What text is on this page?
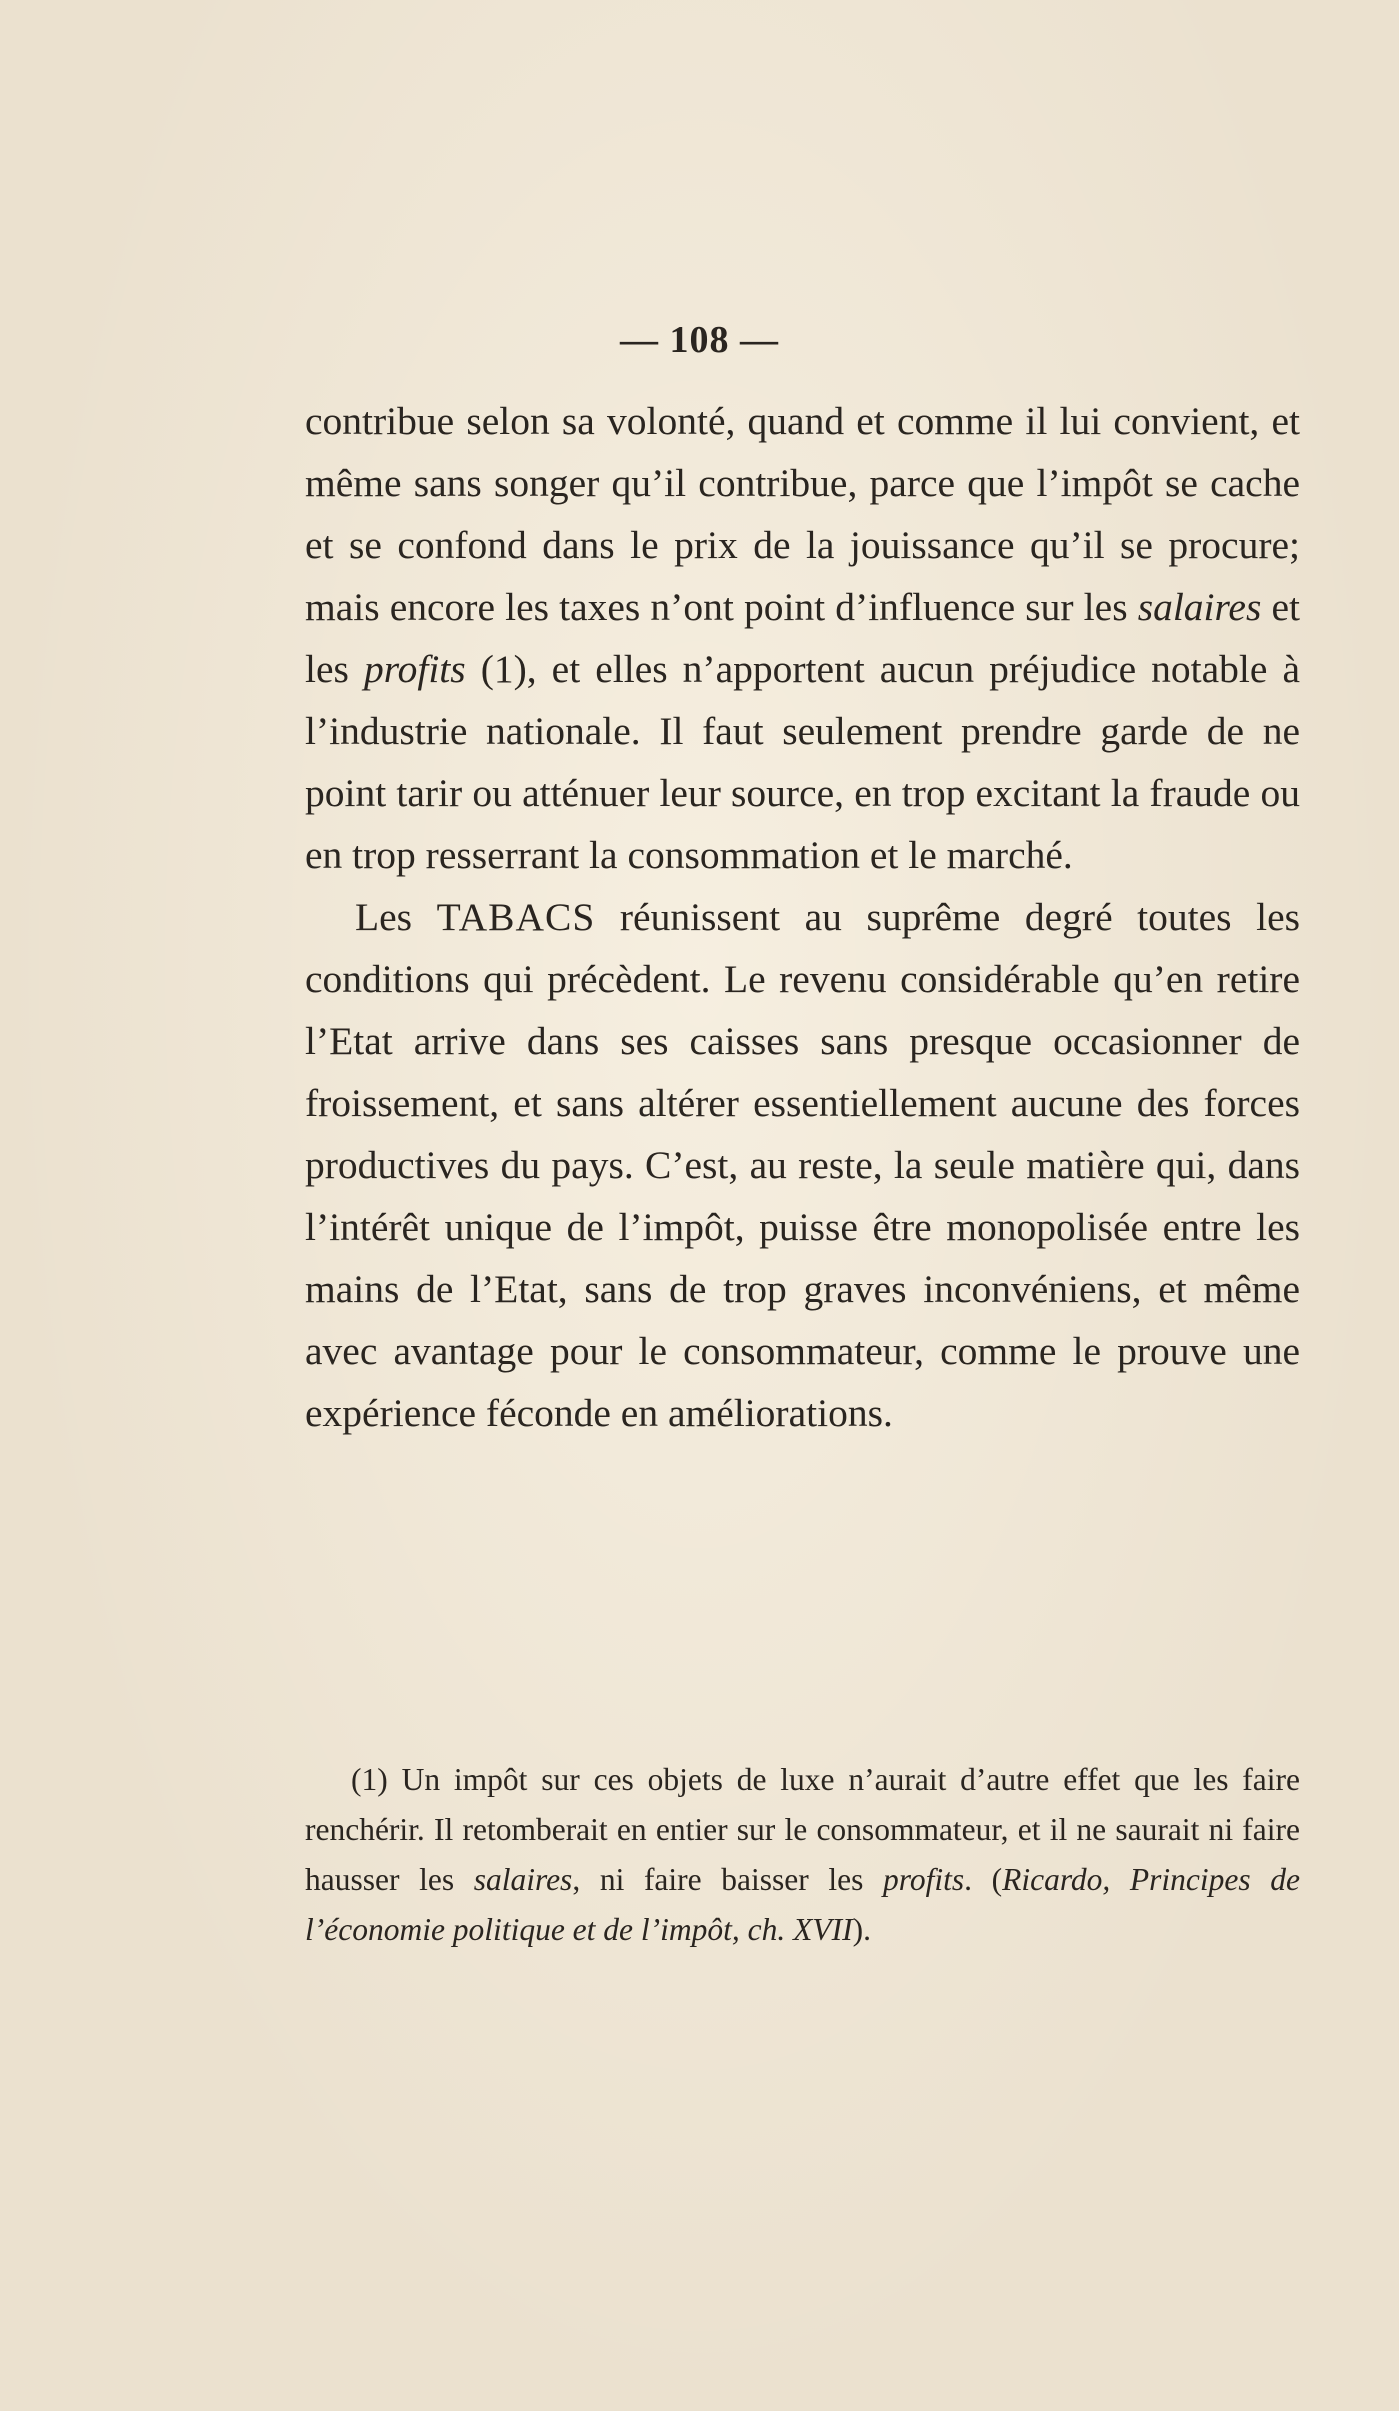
— 108 —

contribue selon sa volonté, quand et comme il lui convient, et même sans songer qu’il contribue, parce que l’impôt se cache et se confond dans le prix de la jouissance qu’il se procure; mais encore les taxes n’ont point d’influence sur les salaires et les profits (1), et elles n’apportent aucun préjudice notable à l’industrie nationale. Il faut seulement prendre garde de ne point tarir ou atténuer leur source, en trop excitant la fraude ou en trop resserrant la consommation et le marché.

Les TABACS réunissent au suprême degré toutes les conditions qui précèdent. Le revenu considérable qu’en retire l’Etat arrive dans ses caisses sans presque occasionner de froissement, et sans altérer essentiellement aucune des forces productives du pays. C’est, au reste, la seule matière qui, dans l’intérêt unique de l’impôt, puisse être monopolisée entre les mains de l’Etat, sans de trop graves inconvéniens, et même avec avantage pour le consommateur, comme le prouve une expérience féconde en améliorations.

(1) Un impôt sur ces objets de luxe n’aurait d’autre effet que les faire renchérir. Il retomberait en entier sur le consommateur, et il ne saurait ni faire hausser les salaires, ni faire baisser les profits. (Ricardo, Principes de l’économie politique et de l’impôt, ch. XVII).
